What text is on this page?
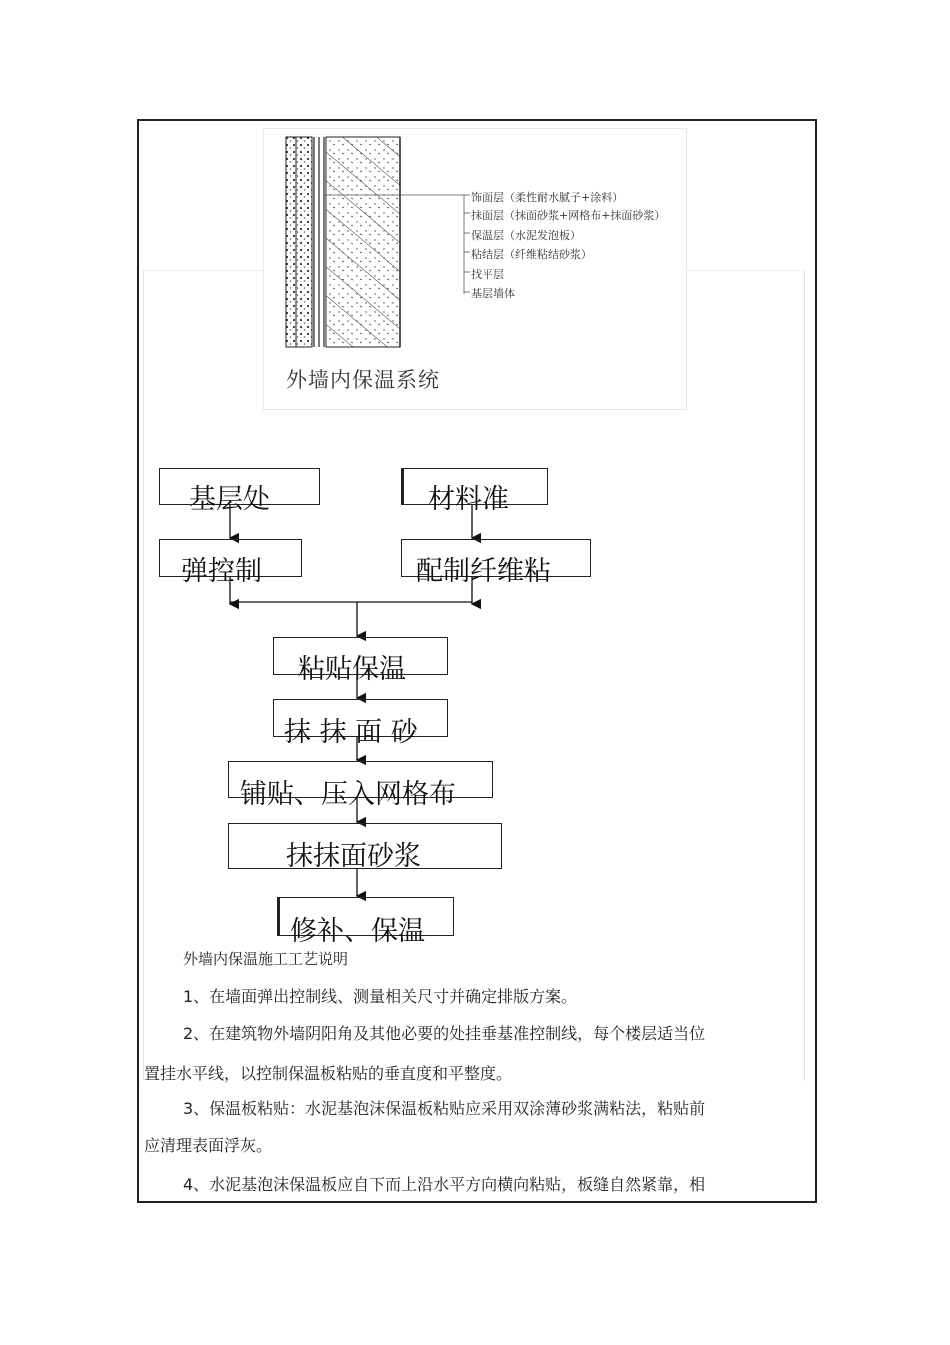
饰面层（柔性耐水腻子+涂料）
抹面层（抹面砂浆+网格布+抹面砂浆）
保温层（水泥发泡板）
粘结层（纤维粘结砂浆）
找平层
基层墙体
外墙内保温系统
基层处	材料准
弹控制	配制纤维粘
粘贴保温
抹 抹 面 砂
铺贴、压入网格布
抹抹面砂浆
修补、保温
外墙内保温施工工艺说明
1、在墙面弹出控制线、测量相关尺寸并确定排版方案。
2、在建筑物外墙阴阳角及其他必要的处挂垂基准控制线，每个楼层适当位
置挂水平线，以控制保温板粘贴的垂直度和平整度。
3、保温板粘贴：水泥基泡沫保温板粘贴应采用双涂薄砂浆满粘法，粘贴前
应清理表面浮灰。
4、水泥基泡沫保温板应自下而上沿水平方向横向粘贴，板缝自然紧靠，相
